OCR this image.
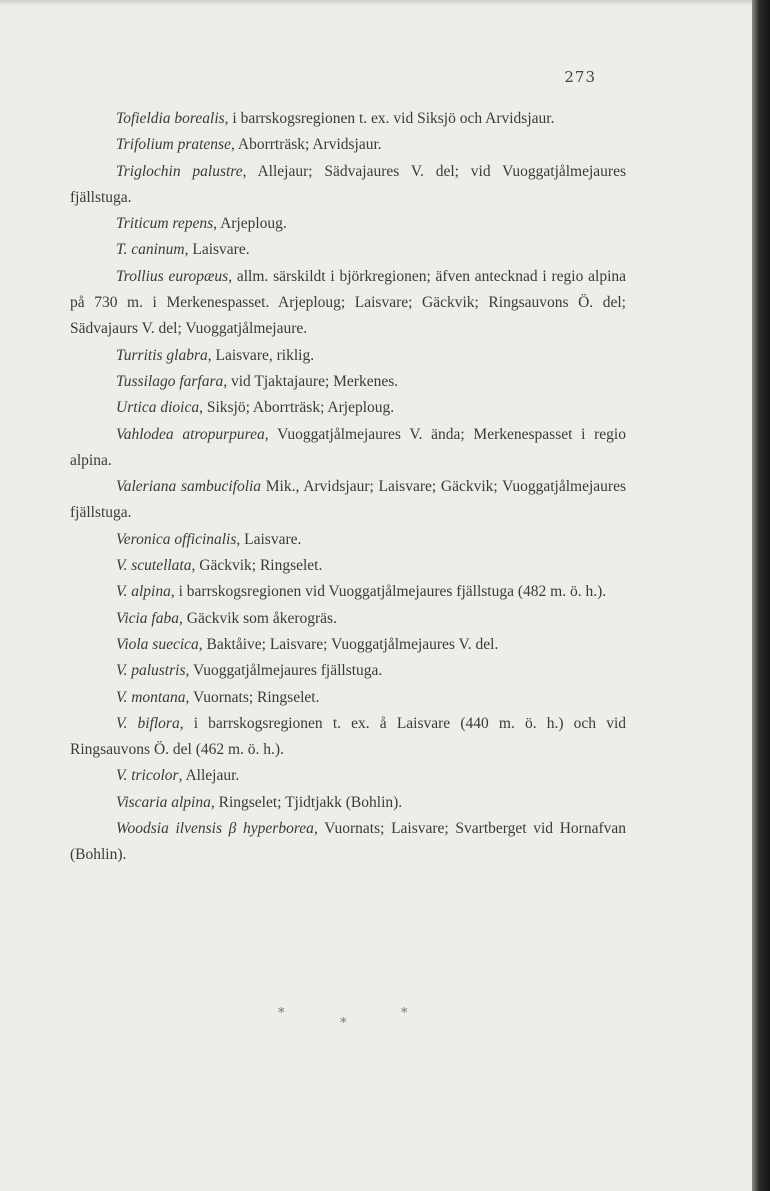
273

Tofieldia borealis, i barrskogsregionen t. ex. vid Siksjö och Arvidsjaur.

Trifolium pratense, Aborrträsk; Arvidsjaur.

Triglochin palustre, Allejaur; Sädvajaures V. del; vid Vuoggatjålmejaures fjällstuga.

Triticum repens, Arjeploug.

T. caninum, Laisvare.

Trollius europæus, allm. särskildt i björkregionen; äfven antecknad i regio alpina på 730 m. i Merkenespasset. Arjeploug; Laisvare; Gäckvik; Ringsauvons Ö. del; Sädvajaurs V. del; Vuoggatjålmejaure.

Turritis glabra, Laisvare, riklig.

Tussilago farfara, vid Tjaktajaure; Merkenes.

Urtica dioica, Siksjö; Aborrträsk; Arjeploug.

Vahlodea atropurpurea, Vuoggatjålmejaures V. ända; Merkenespasset i regio alpina.

Valeriana sambucifolia Mik., Arvidsjaur; Laisvare; Gäckvik; Vuoggatjålmejaures fjällstuga.

Veronica officinalis, Laisvare.

V. scutellata, Gäckvik; Ringselet.

V. alpina, i barrskogsregionen vid Vuoggatjålmejaures fjällstuga (482 m. ö. h.).

Vicia faba, Gäckvik som åkerogräs.

Viola suecica, Baktåive; Laisvare; Vuoggatjålmejaures V. del.

V. palustris, Vuoggatjålmejaures fjällstuga.

V. montana, Vuornats; Ringselet.

V. biflora, i barrskogsregionen t. ex. å Laisvare (440 m. ö. h.) och vid Ringsauvons Ö. del (462 m. ö. h.).

V. tricolor, Allejaur.

Viscaria alpina, Ringselet; Tjidtjakk (Bohlin).

Woodsia ilvensis β hyperborea, Vuornats; Laisvare; Svartberget vid Hornafvan (Bohlin).

*
*
*
